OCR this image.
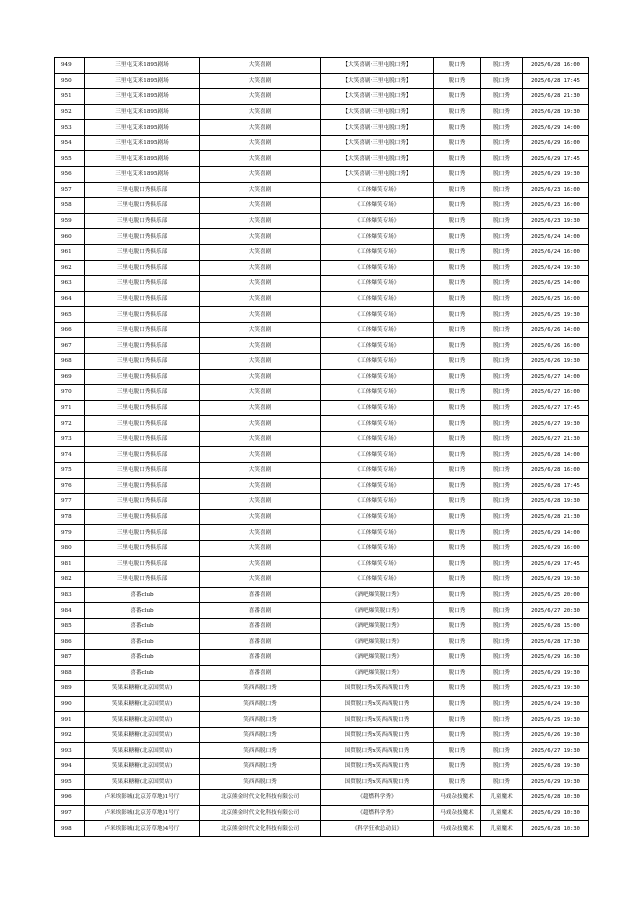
949	三里屯艾米1895剧场	大笑喜剧	【大笑喜剧·三里屯脱口秀】	脱口秀	脱口秀	2025/6/28 16:00
950	三里屯艾米1895剧场	大笑喜剧	【大笑喜剧·三里屯脱口秀】	脱口秀	脱口秀	2025/6/28 17:45
951	三里屯艾米1895剧场	大笑喜剧	【大笑喜剧·三里屯脱口秀】	脱口秀	脱口秀	2025/6/28 21:30
952	三里屯艾米1895剧场	大笑喜剧	【大笑喜剧·三里屯脱口秀】	脱口秀	脱口秀	2025/6/28 19:30
953	三里屯艾米1895剧场	大笑喜剧	【大笑喜剧·三里屯脱口秀】	脱口秀	脱口秀	2025/6/29 14:00
954	三里屯艾米1895剧场	大笑喜剧	【大笑喜剧·三里屯脱口秀】	脱口秀	脱口秀	2025/6/29 16:00
955	三里屯艾米1895剧场	大笑喜剧	【大笑喜剧·三里屯脱口秀】	脱口秀	脱口秀	2025/6/29 17:45
956	三里屯艾米1895剧场	大笑喜剧	【大笑喜剧·三里屯脱口秀】	脱口秀	脱口秀	2025/6/29 19:30
957	三里屯脱口秀俱乐部	大笑喜剧	《工体爆笑专场》	脱口秀	脱口秀	2025/6/23 16:00
958	三里屯脱口秀俱乐部	大笑喜剧	《工体爆笑专场》	脱口秀	脱口秀	2025/6/23 16:00
959	三里屯脱口秀俱乐部	大笑喜剧	《工体爆笑专场》	脱口秀	脱口秀	2025/6/23 19:30
960	三里屯脱口秀俱乐部	大笑喜剧	《工体爆笑专场》	脱口秀	脱口秀	2025/6/24 14:00
961	三里屯脱口秀俱乐部	大笑喜剧	《工体爆笑专场》	脱口秀	脱口秀	2025/6/24 16:00
962	三里屯脱口秀俱乐部	大笑喜剧	《工体爆笑专场》	脱口秀	脱口秀	2025/6/24 19:30
963	三里屯脱口秀俱乐部	大笑喜剧	《工体爆笑专场》	脱口秀	脱口秀	2025/6/25 14:00
964	三里屯脱口秀俱乐部	大笑喜剧	《工体爆笑专场》	脱口秀	脱口秀	2025/6/25 16:00
965	三里屯脱口秀俱乐部	大笑喜剧	《工体爆笑专场》	脱口秀	脱口秀	2025/6/25 19:30
966	三里屯脱口秀俱乐部	大笑喜剧	《工体爆笑专场》	脱口秀	脱口秀	2025/6/26 14:00
967	三里屯脱口秀俱乐部	大笑喜剧	《工体爆笑专场》	脱口秀	脱口秀	2025/6/26 16:00
968	三里屯脱口秀俱乐部	大笑喜剧	《工体爆笑专场》	脱口秀	脱口秀	2025/6/26 19:30
969	三里屯脱口秀俱乐部	大笑喜剧	《工体爆笑专场》	脱口秀	脱口秀	2025/6/27 14:00
970	三里屯脱口秀俱乐部	大笑喜剧	《工体爆笑专场》	脱口秀	脱口秀	2025/6/27 16:00
971	三里屯脱口秀俱乐部	大笑喜剧	《工体爆笑专场》	脱口秀	脱口秀	2025/6/27 17:45
972	三里屯脱口秀俱乐部	大笑喜剧	《工体爆笑专场》	脱口秀	脱口秀	2025/6/27 19:30
973	三里屯脱口秀俱乐部	大笑喜剧	《工体爆笑专场》	脱口秀	脱口秀	2025/6/27 21:30
974	三里屯脱口秀俱乐部	大笑喜剧	《工体爆笑专场》	脱口秀	脱口秀	2025/6/28 14:00
975	三里屯脱口秀俱乐部	大笑喜剧	《工体爆笑专场》	脱口秀	脱口秀	2025/6/28 16:00
976	三里屯脱口秀俱乐部	大笑喜剧	《工体爆笑专场》	脱口秀	脱口秀	2025/6/28 17:45
977	三里屯脱口秀俱乐部	大笑喜剧	《工体爆笑专场》	脱口秀	脱口秀	2025/6/28 19:30
978	三里屯脱口秀俱乐部	大笑喜剧	《工体爆笑专场》	脱口秀	脱口秀	2025/6/28 21:30
979	三里屯脱口秀俱乐部	大笑喜剧	《工体爆笑专场》	脱口秀	脱口秀	2025/6/29 14:00
980	三里屯脱口秀俱乐部	大笑喜剧	《工体爆笑专场》	脱口秀	脱口秀	2025/6/29 16:00
981	三里屯脱口秀俱乐部	大笑喜剧	《工体爆笑专场》	脱口秀	脱口秀	2025/6/29 17:45
982	三里屯脱口秀俱乐部	大笑喜剧	《工体爆笑专场》	脱口秀	脱口秀	2025/6/29 19:30
983	喜番club	喜番喜剧	《酒吧爆笑脱口秀》	脱口秀	脱口秀	2025/6/25 20:00
984	喜番club	喜番喜剧	《酒吧爆笑脱口秀》	脱口秀	脱口秀	2025/6/27 20:30
985	喜番club	喜番喜剧	《酒吧爆笑脱口秀》	脱口秀	脱口秀	2025/6/28 15:00
986	喜番club	喜番喜剧	《酒吧爆笑脱口秀》	脱口秀	脱口秀	2025/6/28 17:30
987	喜番club	喜番喜剧	《酒吧爆笑脱口秀》	脱口秀	脱口秀	2025/6/29 16:30
988	喜番club	喜番喜剧	《酒吧爆笑脱口秀》	脱口秀	脱口秀	2025/6/29 19:30
989	笑果束糖糖(北京国贸店)	笑西西脱口秀	国贸脱口秀x笑西西脱口秀	脱口秀	脱口秀	2025/6/23 19:30
990	笑果束糖糖(北京国贸店)	笑西西脱口秀	国贸脱口秀x笑西西脱口秀	脱口秀	脱口秀	2025/6/24 19:30
991	笑果束糖糖(北京国贸店)	笑西西脱口秀	国贸脱口秀x笑西西脱口秀	脱口秀	脱口秀	2025/6/25 19:30
992	笑果束糖糖(北京国贸店)	笑西西脱口秀	国贸脱口秀x笑西西脱口秀	脱口秀	脱口秀	2025/6/26 19:30
993	笑果束糖糖(北京国贸店)	笑西西脱口秀	国贸脱口秀x笑西西脱口秀	脱口秀	脱口秀	2025/6/27 19:30
994	笑果束糖糖(北京国贸店)	笑西西脱口秀	国贸脱口秀x笑西西脱口秀	脱口秀	脱口秀	2025/6/28 19:30
995	笑果束糖糖(北京国贸店)	笑西西脱口秀	国贸脱口秀x笑西西脱口秀	脱口秀	脱口秀	2025/6/29 19:30
996	卢米埃影城(北京芳草地)1号厅	北京熊金时代文化科技有限公司	《超燃科学秀》	马戏杂技魔术	儿童魔术	2025/6/28 10:30
997	卢米埃影城(北京芳草地)1号厅	北京熊金时代文化科技有限公司	《超燃科学秀》	马戏杂技魔术	儿童魔术	2025/6/29 10:30
998	卢米埃影城(北京芳草地)4号厅	北京熊金时代文化科技有限公司	《科学狂欢总动员》	马戏杂技魔术	儿童魔术	2025/6/28 10:30
